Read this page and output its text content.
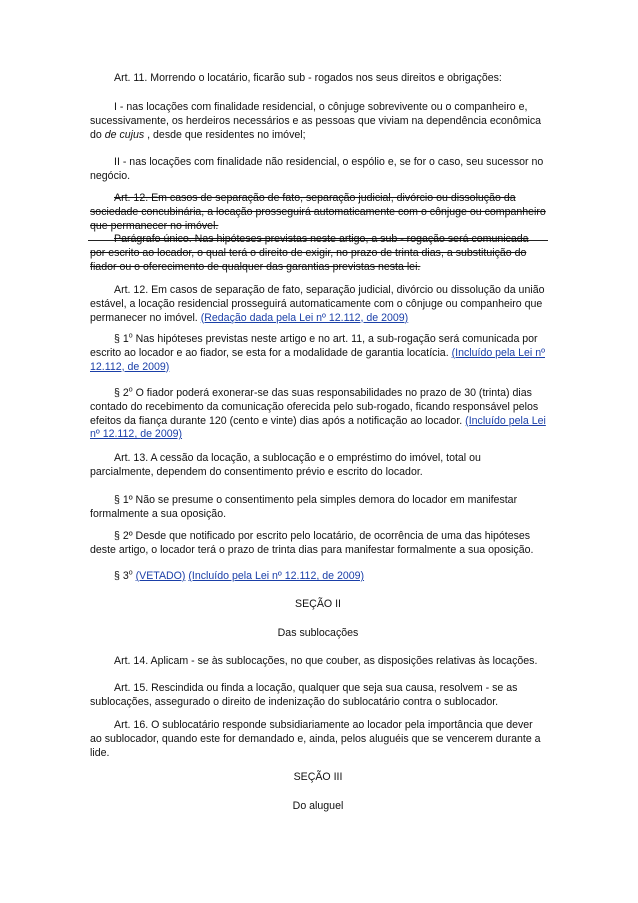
Art. 11. Morrendo o locatário, ficarão sub - rogados nos seus direitos e obrigações:

I - nas locações com finalidade residencial, o cônjuge sobrevivente ou o companheiro e, sucessivamente, os herdeiros necessários e as pessoas que viviam na dependência econômica do de cujus , desde que residentes no imóvel;

II - nas locações com finalidade não residencial, o espólio e, se for o caso, seu sucessor no negócio.

Art. 12. Em casos de separação de fato, separação judicial, divórcio ou dissolução da sociedade concubinária, a locação prosseguirá automaticamente com o cônjuge ou companheiro que permanecer no imóvel.

Parágrafo único. Nas hipóteses previstas neste artigo, a sub - rogação será comunicada por escrito ao locador, o qual terá o direito de exigir, no prazo de trinta dias, a substituição do fiador ou o oferecimento de qualquer das garantias previstas nesta lei.

Art. 12. Em casos de separação de fato, separação judicial, divórcio ou dissolução da união estável, a locação residencial prosseguirá automaticamente com o cônjuge ou companheiro que permanecer no imóvel. (Redação dada pela Lei nº 12.112, de 2009)

§ 1$^o$ Nas hipóteses previstas neste artigo e no art. 11, a sub-rogação será comunicada por escrito ao locador e ao fiador, se esta for a modalidade de garantia locatícia. (Incluído pela Lei nº 12.112, de 2009)

§ 2$^o$ O fiador poderá exonerar-se das suas responsabilidades no prazo de 30 (trinta) dias contado do recebimento da comunicação oferecida pelo sub-rogado, ficando responsável pelos efeitos da fiança durante 120 (cento e vinte) dias após a notificação ao locador. (Incluído pela Lei nº 12.112, de 2009)

Art. 13. A cessão da locação, a sublocação e o empréstimo do imóvel, total ou parcialmente, dependem do consentimento prévio e escrito do locador.

§ 1º Não se presume o consentimento pela simples demora do locador em manifestar formalmente a sua oposição.

§ 2º Desde que notificado por escrito pelo locatário, de ocorrência de uma das hipóteses deste artigo, o locador terá o prazo de trinta dias para manifestar formalmente a sua oposição.

§ 3$^o$ (VETADO) (Incluído pela Lei nº 12.112, de 2009)

SEÇÃO II

Das sublocações

Art. 14. Aplicam - se às sublocações, no que couber, as disposições relativas às locações.

Art. 15. Rescindida ou finda a locação, qualquer que seja sua causa, resolvem - se as sublocações, assegurado o direito de indenização do sublocatário contra o sublocador.

Art. 16. O sublocatário responde subsidiariamente ao locador pela importância que dever ao sublocador, quando este for demandado e, ainda, pelos aluguéis que se vencerem durante a lide.

SEÇÃO III

Do aluguel
